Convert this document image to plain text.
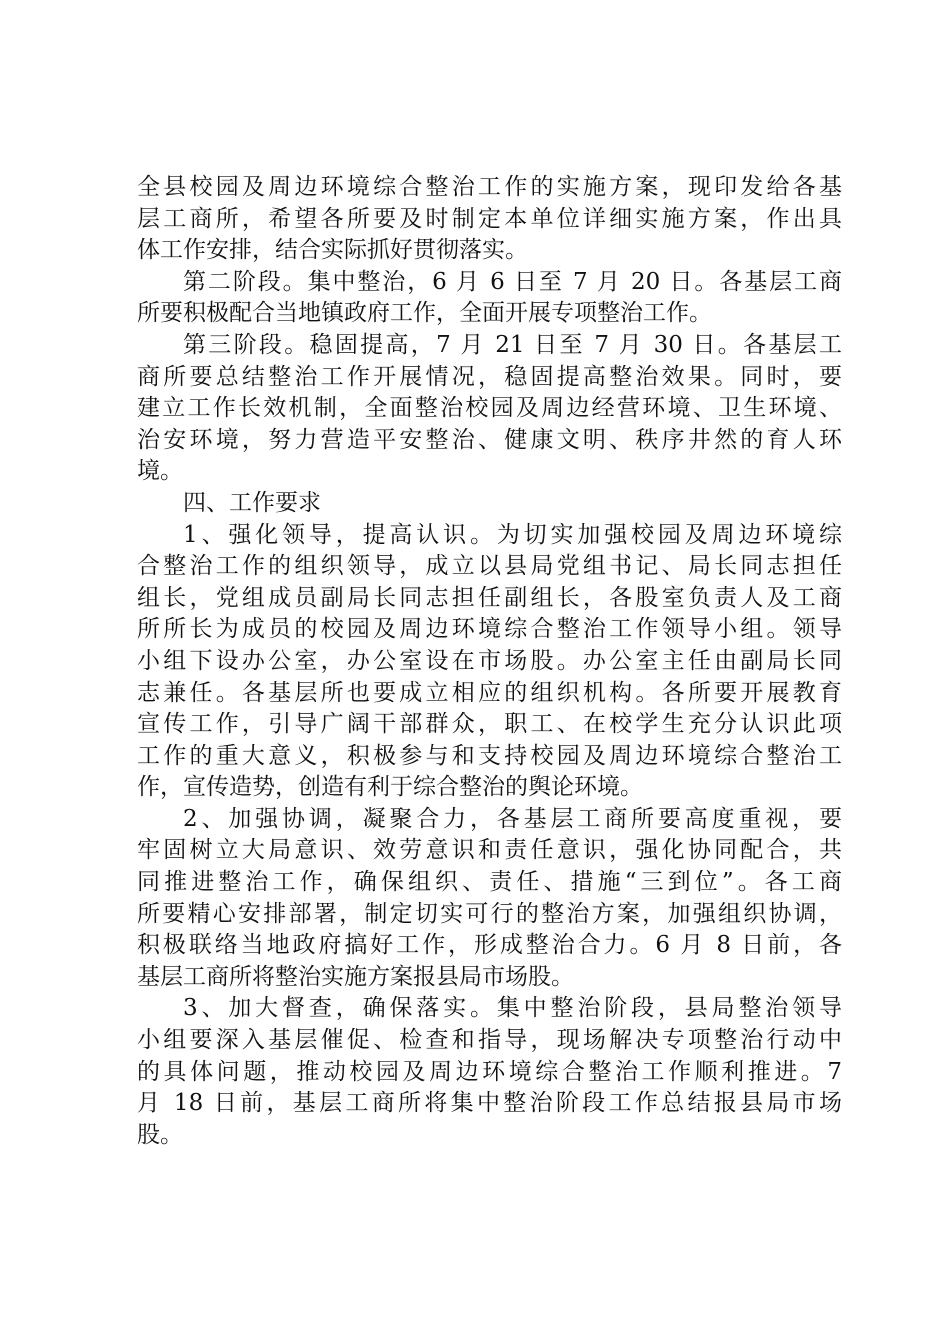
全县校园及周边环境综合整治工作的实施方案，现印发给各基
层工商所，希望各所要及时制定本单位详细实施方案，作出具
体工作安排，结合实际抓好贯彻落实。
第二阶段。集中整治，6 月 6 日至 7 月 20 日。各基层工商
所要积极配合当地镇政府工作，全面开展专项整治工作。
第三阶段。稳固提高，7 月 21 日至 7 月 30 日。各基层工
商所要总结整治工作开展情况，稳固提高整治效果。同时，要
建立工作长效机制，全面整治校园及周边经营环境、卫生环境、
治安环境，努力营造平安整治、健康文明、秩序井然的育人环
境。
四、工作要求
1、强化领导，提高认识。为切实加强校园及周边环境综
合整治工作的组织领导，成立以县局党组书记、局长同志担任
组长，党组成员副局长同志担任副组长，各股室负责人及工商
所所长为成员的校园及周边环境综合整治工作领导小组。领导
小组下设办公室，办公室设在市场股。办公室主任由副局长同
志兼任。各基层所也要成立相应的组织机构。各所要开展教育
宣传工作，引导广阔干部群众，职工、在校学生充分认识此项
工作的重大意义，积极参与和支持校园及周边环境综合整治工
作，宣传造势，创造有利于综合整治的舆论环境。
2、加强协调，凝聚合力，各基层工商所要高度重视，要
牢固树立大局意识、效劳意识和责任意识，强化协同配合，共
同推进整治工作，确保组织、责任、措施“三到位”。各工商
所要精心安排部署，制定切实可行的整治方案，加强组织协调，
积极联络当地政府搞好工作，形成整治合力。6 月 8 日前，各
基层工商所将整治实施方案报县局市场股。
3、加大督查，确保落实。集中整治阶段，县局整治领导
小组要深入基层催促、检查和指导，现场解决专项整治行动中
的具体问题，推动校园及周边环境综合整治工作顺利推进。7
月 18 日前，基层工商所将集中整治阶段工作总结报县局市场
股。
